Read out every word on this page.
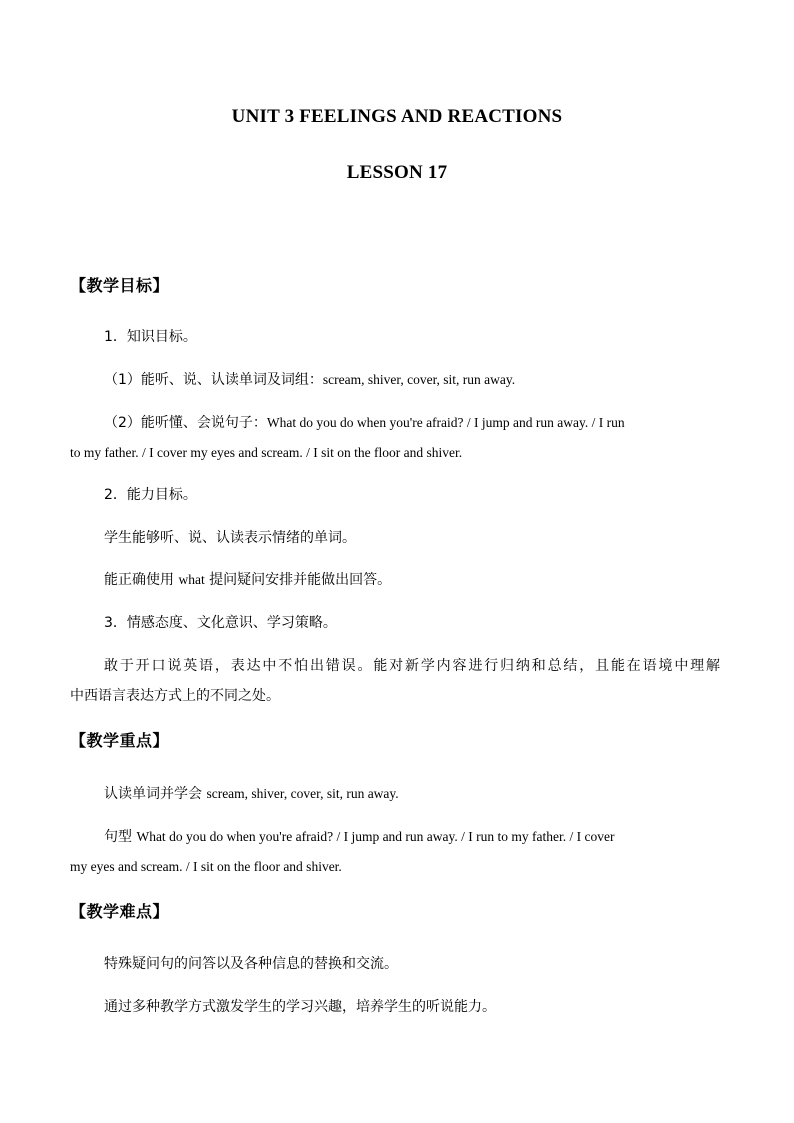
UNIT 3 FEELINGS AND REACTIONS
LESSON 17
【教学目标】
1．知识目标。
（1）能听、说、认读单词及词组：scream, shiver, cover, sit, run away.
（2）能听懂、会说句子：What do you do when you're afraid? / I jump and run away. / I run
to my father. / I cover my eyes and scream. / I sit on the floor and shiver.
2．能力目标。
学生能够听、说、认读表示情绪的单词。
能正确使用 what 提问疑问安排并能做出回答。
3．情感态度、文化意识、学习策略。
敢于开口说英语，表达中不怕出错误。能对新学内容进行归纳和总结，且能在语境中理解
中西语言表达方式上的不同之处。
【教学重点】
认读单词并学会 scream, shiver, cover, sit, run away.
句型 What do you do when you're afraid? / I jump and run away. / I run to my father. / I cover
my eyes and scream. / I sit on the floor and shiver.
【教学难点】
特殊疑问句的问答以及各种信息的替换和交流。
通过多种教学方式激发学生的学习兴趣，培养学生的听说能力。
